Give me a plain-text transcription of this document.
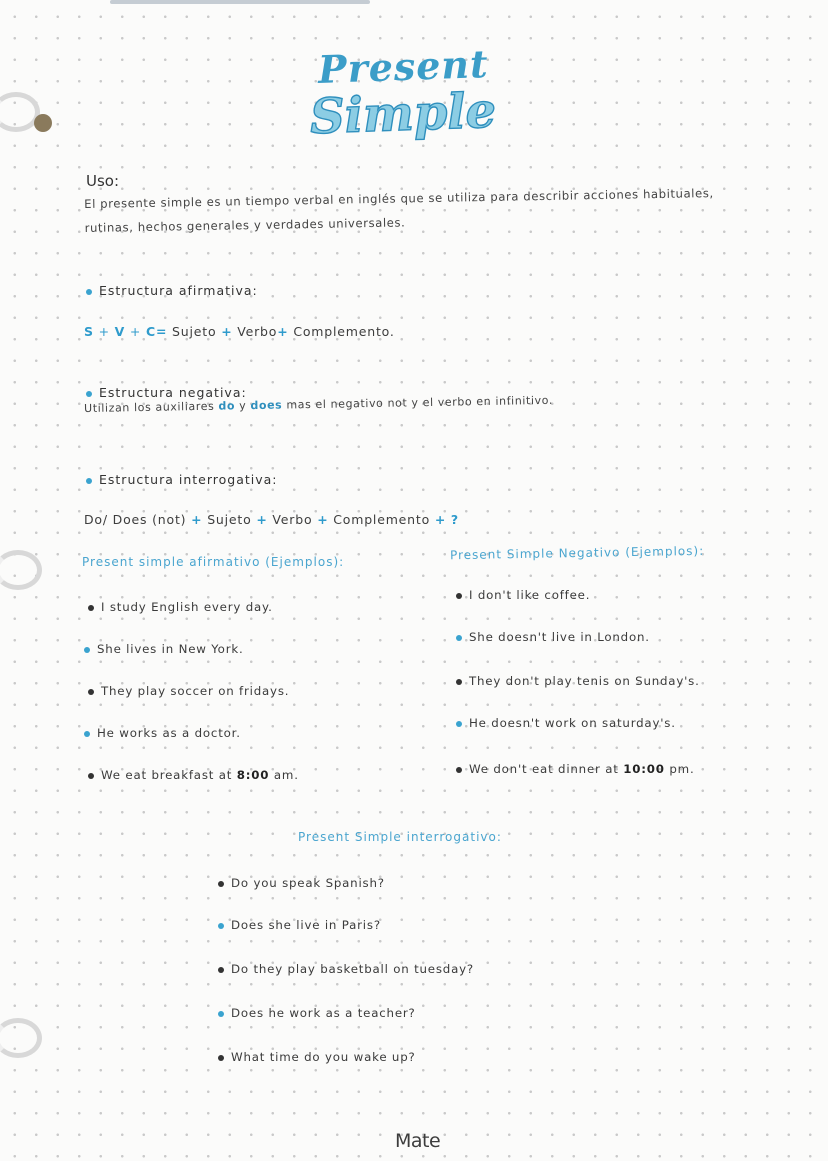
Present
Simple
Uso:
El presente simple es un tiempo verbal en inglés que se utiliza para describir acciones habituales,
rutinas, hechos generales y verdades universales.
Estructura afirmativa:
S + V + C= Sujeto + Verbo+ Complemento.
Estructura negativa:
Utilizan los auxiliares do y does mas el negativo not y el verbo en infinitivo.
Estructura interrogativa:
Do/ Does (not) + Sujeto + Verbo + Complemento + ?
Present simple afirmativo (Ejemplos):	Present Simple Negativo (Ejemplos):
I study English every day.
She lives in New York.
They play soccer on fridays.
He works as a doctor.
We eat breakfast at 8:00 am.
I don't like coffee.
She doesn't live in London.
They don't play tenis on Sunday's.
He doesn't work on saturday's.
We don't eat dinner at 10:00 pm.
Present Simple interrogativo:
Do you speak Spanish?
Does she live in Paris?
Do they play basketball on tuesday?
Does he work as a teacher?
What time do you wake up?
Mate
